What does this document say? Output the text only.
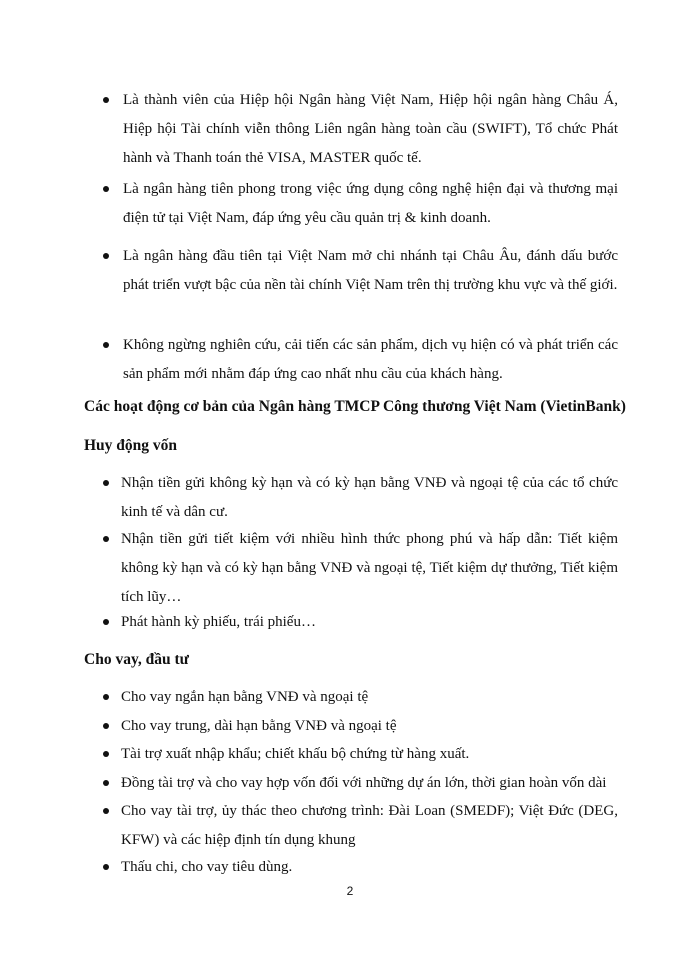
Là thành viên của Hiệp hội Ngân hàng Việt Nam, Hiệp hội ngân hàng Châu Á, Hiệp hội Tài chính viễn thông Liên ngân hàng toàn cầu (SWIFT), Tổ chức Phát hành và Thanh toán thẻ VISA, MASTER quốc tế.
Là ngân hàng tiên phong trong việc ứng dụng công nghệ hiện đại và thương mại điện tử tại Việt Nam, đáp ứng yêu cầu quản trị & kinh doanh.
Là ngân hàng đầu tiên tại Việt Nam mở chi nhánh tại Châu Âu, đánh dấu bước phát triển vượt bậc của nền tài chính Việt Nam trên thị trường khu vực và thế giới.
Không ngừng nghiên cứu, cải tiến các sản phẩm, dịch vụ hiện có và phát triển các sản phẩm mới nhằm đáp ứng cao nhất nhu cầu của khách hàng.
Các hoạt động cơ bản của Ngân hàng TMCP Công thương Việt Nam (VietinBank)
Huy động vốn
Nhận tiền gửi không kỳ hạn và có kỳ hạn bằng VNĐ và ngoại tệ của các tổ chức kinh tế và dân cư.
Nhận tiền gửi tiết kiệm với nhiều hình thức phong phú và hấp dẫn: Tiết kiệm không kỳ hạn và có kỳ hạn bằng VNĐ và ngoại tệ, Tiết kiệm dự thưởng, Tiết kiệm tích lũy…
Phát hành kỳ phiếu, trái phiếu…
Cho vay, đầu tư
Cho vay ngắn hạn bằng VNĐ và ngoại tệ
Cho vay trung, dài hạn bằng VNĐ và ngoại tệ
Tài trợ xuất nhập khẩu; chiết khấu bộ chứng từ hàng xuất.
Đồng tài trợ và cho vay hợp vốn đối với những dự án lớn, thời gian hoàn vốn dài
Cho vay tài trợ, ủy thác theo chương trình: Đài Loan (SMEDF); Việt Đức (DEG, KFW) và các hiệp định tín dụng khung
Thấu chi, cho vay tiêu dùng.
2
